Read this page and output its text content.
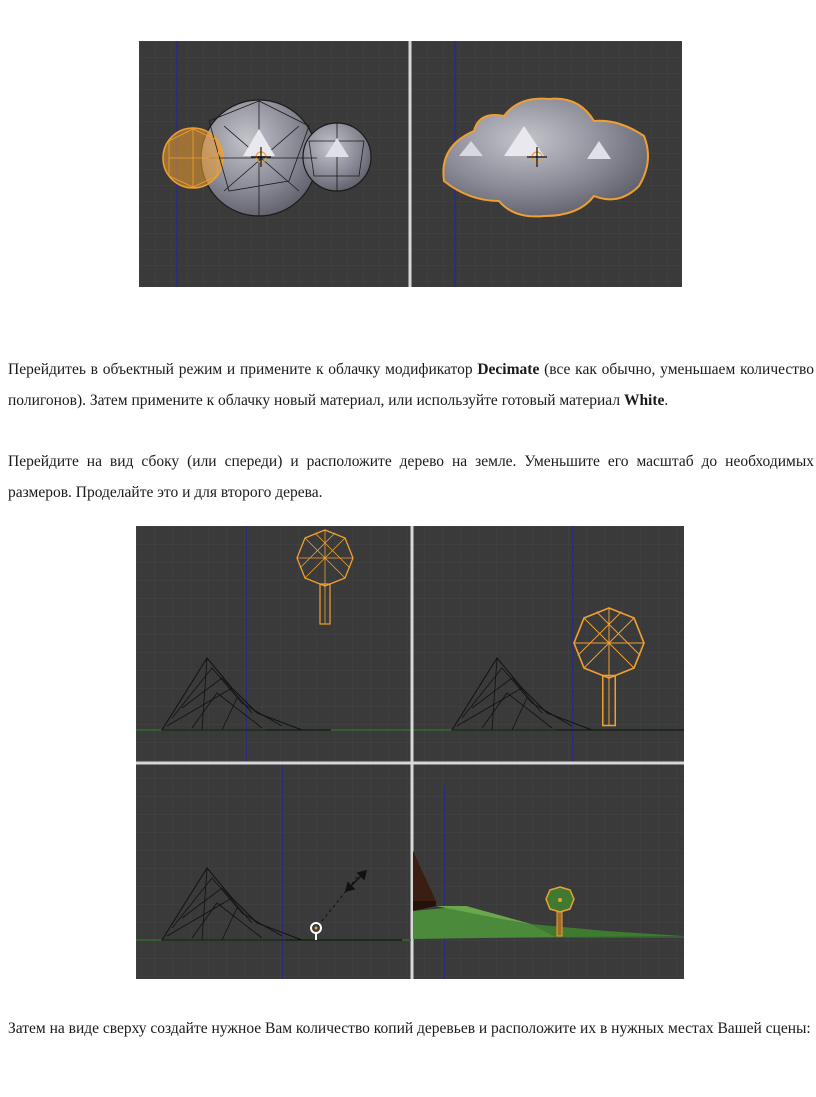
Перейдитеь в объектный режим и примените к облачку модификатор Decimate (все как обычно, уменьшаем количество полигонов). Затем примените к облачку новый материал, или используйте готовый материал White.

Перейдите на вид сбоку (или спереди) и расположите дерево на земле. Уменьшите его масштаб до необходимых размеров. Проделайте это и для второго дерева.

Затем на виде сверху создайте нужное Вам количество копий деревьев и расположите их в нужных местах Вашей сцены:
